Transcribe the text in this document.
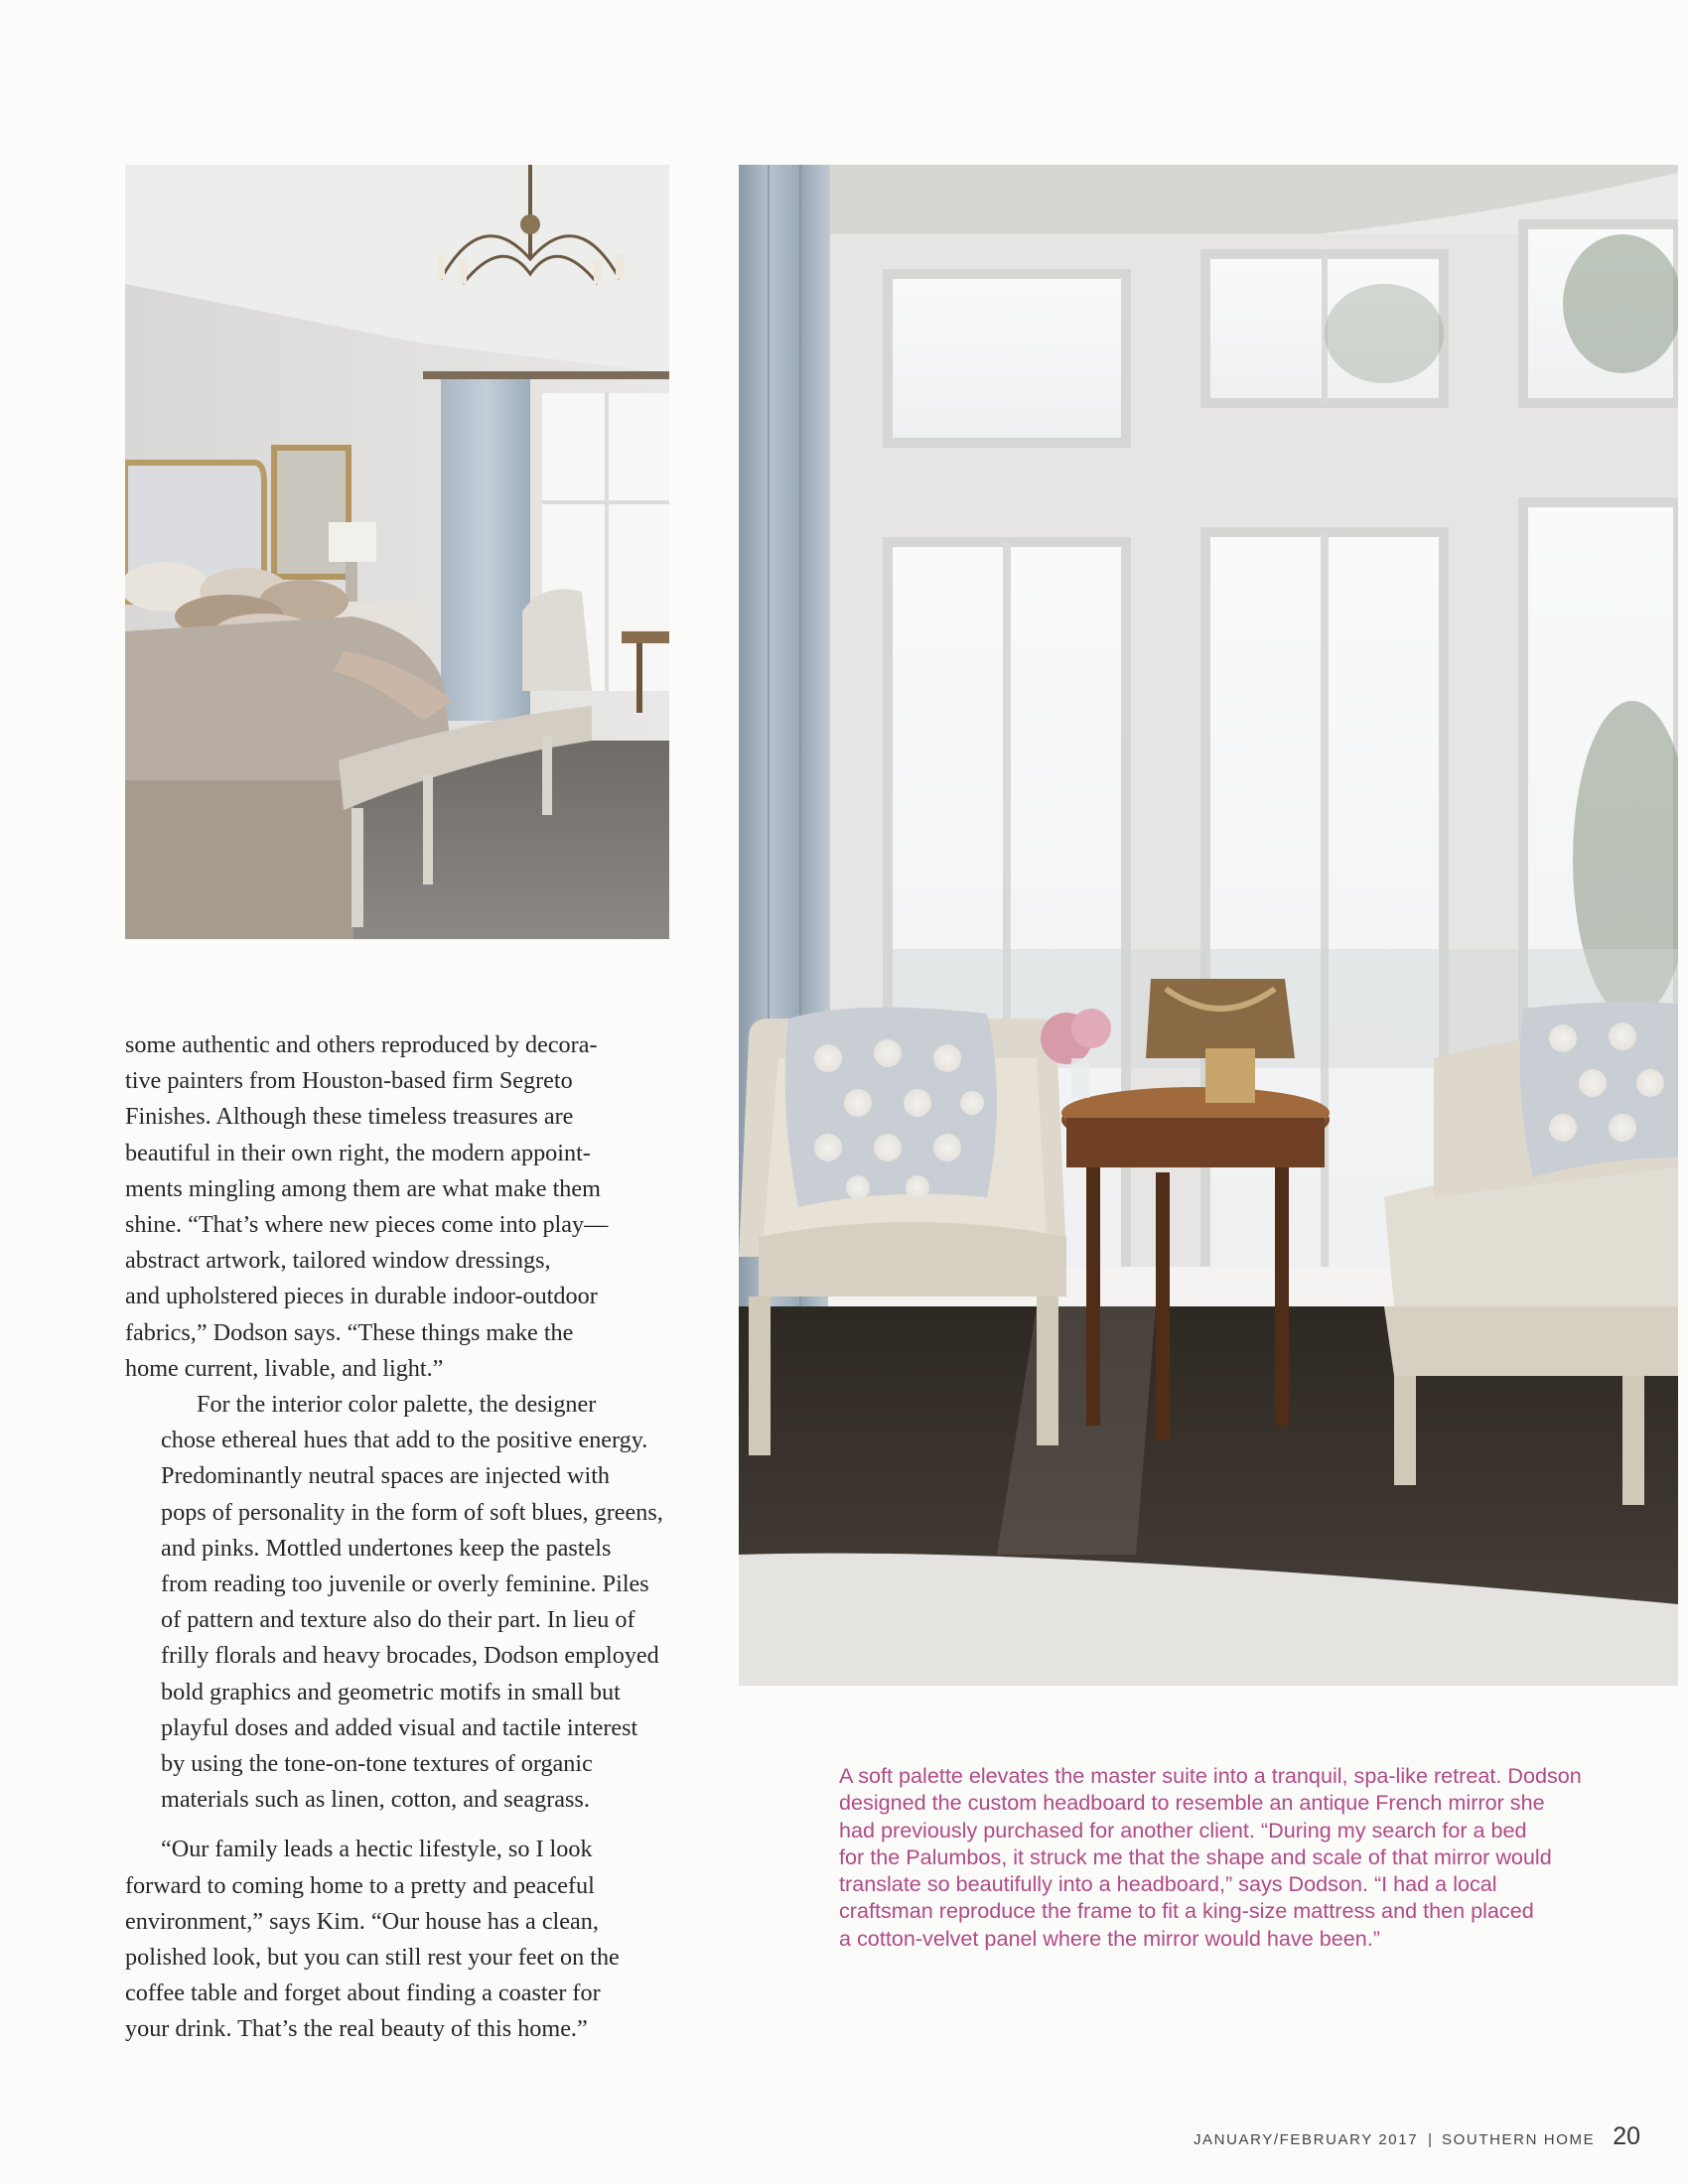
some authentic and others reproduced by decora-
tive painters from Houston-based firm Segreto
Finishes. Although these timeless treasures are
beautiful in their own right, the modern appoint-
ments mingling among them are what make them
shine. “That’s where new pieces come into play—
abstract artwork, tailored window dressings,
and upholstered pieces in durable indoor-outdoor
fabrics,” Dodson says. “These things make the
home current, livable, and light.”

For the interior color palette, the designer
chose ethereal hues that add to the positive energy.
Predominantly neutral spaces are injected with
pops of personality in the form of soft blues, greens,
and pinks. Mottled undertones keep the pastels
from reading too juvenile or overly feminine. Piles
of pattern and texture also do their part. In lieu of
frilly florals and heavy brocades, Dodson employed
bold graphics and geometric motifs in small but
playful doses and added visual and tactile interest
by using the tone-on-tone textures of organic
materials such as linen, cotton, and seagrass.

“Our family leads a hectic lifestyle, so I look
forward to coming home to a pretty and peaceful
environment,” says Kim. “Our house has a clean,
polished look, but you can still rest your feet on the
coffee table and forget about finding a coaster for
your drink. That’s the real beauty of this home.”

A soft palette elevates the master suite into a tranquil, spa-like retreat. Dodson
designed the custom headboard to resemble an antique French mirror she
had previously purchased for another client. “During my search for a bed
for the Palumbos, it struck me that the shape and scale of that mirror would
translate so beautifully into a headboard,” says Dodson. “I had a local
craftsman reproduce the frame to fit a king-size mattress and then placed
a cotton-velvet panel where the mirror would have been.”
JANUARY/FEBRUARY 2017 | SOUTHERN HOME 20
